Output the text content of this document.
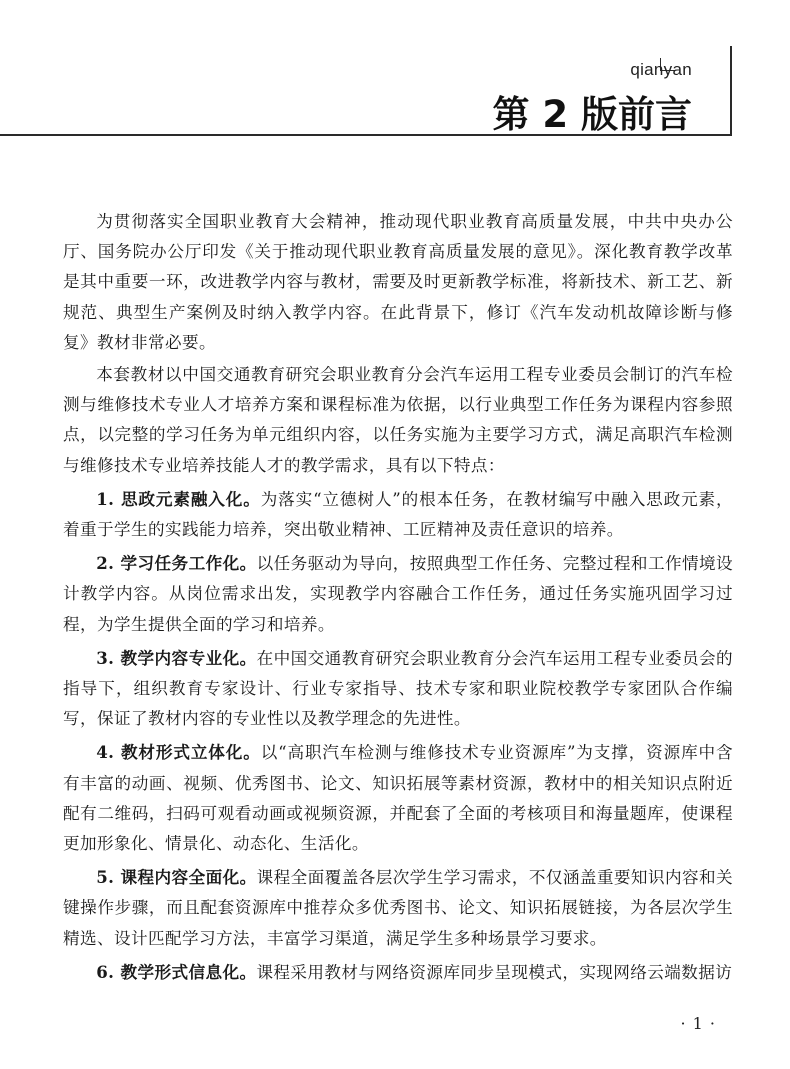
qianyan
第 2 版前言

为贯彻落实全国职业教育大会精神，推动现代职业教育高质量发展，中共中央办公厅、国务院办公厅印发《关于推动现代职业教育高质量发展的意见》。深化教育教学改革是其中重要一环，改进教学内容与教材，需要及时更新教学标准，将新技术、新工艺、新规范、典型生产案例及时纳入教学内容。在此背景下，修订《汽车发动机故障诊断与修复》教材非常必要。

本套教材以中国交通教育研究会职业教育分会汽车运用工程专业委员会制订的汽车检测与维修技术专业人才培养方案和课程标准为依据，以行业典型工作任务为课程内容参照点，以完整的学习任务为单元组织内容，以任务实施为主要学习方式，满足高职汽车检测与维修技术专业培养技能人才的教学需求，具有以下特点：

1. 思政元素融入化。为落实“立德树人”的根本任务，在教材编写中融入思政元素，着重于学生的实践能力培养，突出敬业精神、工匠精神及责任意识的培养。

2. 学习任务工作化。以任务驱动为导向，按照典型工作任务、完整过程和工作情境设计教学内容。从岗位需求出发，实现教学内容融合工作任务，通过任务实施巩固学习过程，为学生提供全面的学习和培养。

3. 教学内容专业化。在中国交通教育研究会职业教育分会汽车运用工程专业委员会的指导下，组织教育专家设计、行业专家指导、技术专家和职业院校教学专家团队合作编写，保证了教材内容的专业性以及教学理念的先进性。

4. 教材形式立体化。以“高职汽车检测与维修技术专业资源库”为支撑，资源库中含有丰富的动画、视频、优秀图书、论文、知识拓展等素材资源，教材中的相关知识点附近配有二维码，扫码可观看动画或视频资源，并配套了全面的考核项目和海量题库，使课程更加形象化、情景化、动态化、生活化。

5. 课程内容全面化。课程全面覆盖各层次学生学习需求，不仅涵盖重要知识内容和关键操作步骤，而且配套资源库中推荐众多优秀图书、论文、知识拓展链接，为各层次学生精选、设计匹配学习方法，丰富学习渠道，满足学生多种场景学习要求。

6. 教学形式信息化。课程采用教材与网络资源库同步呈现模式，实现网络云端数据访

· 1 ·
